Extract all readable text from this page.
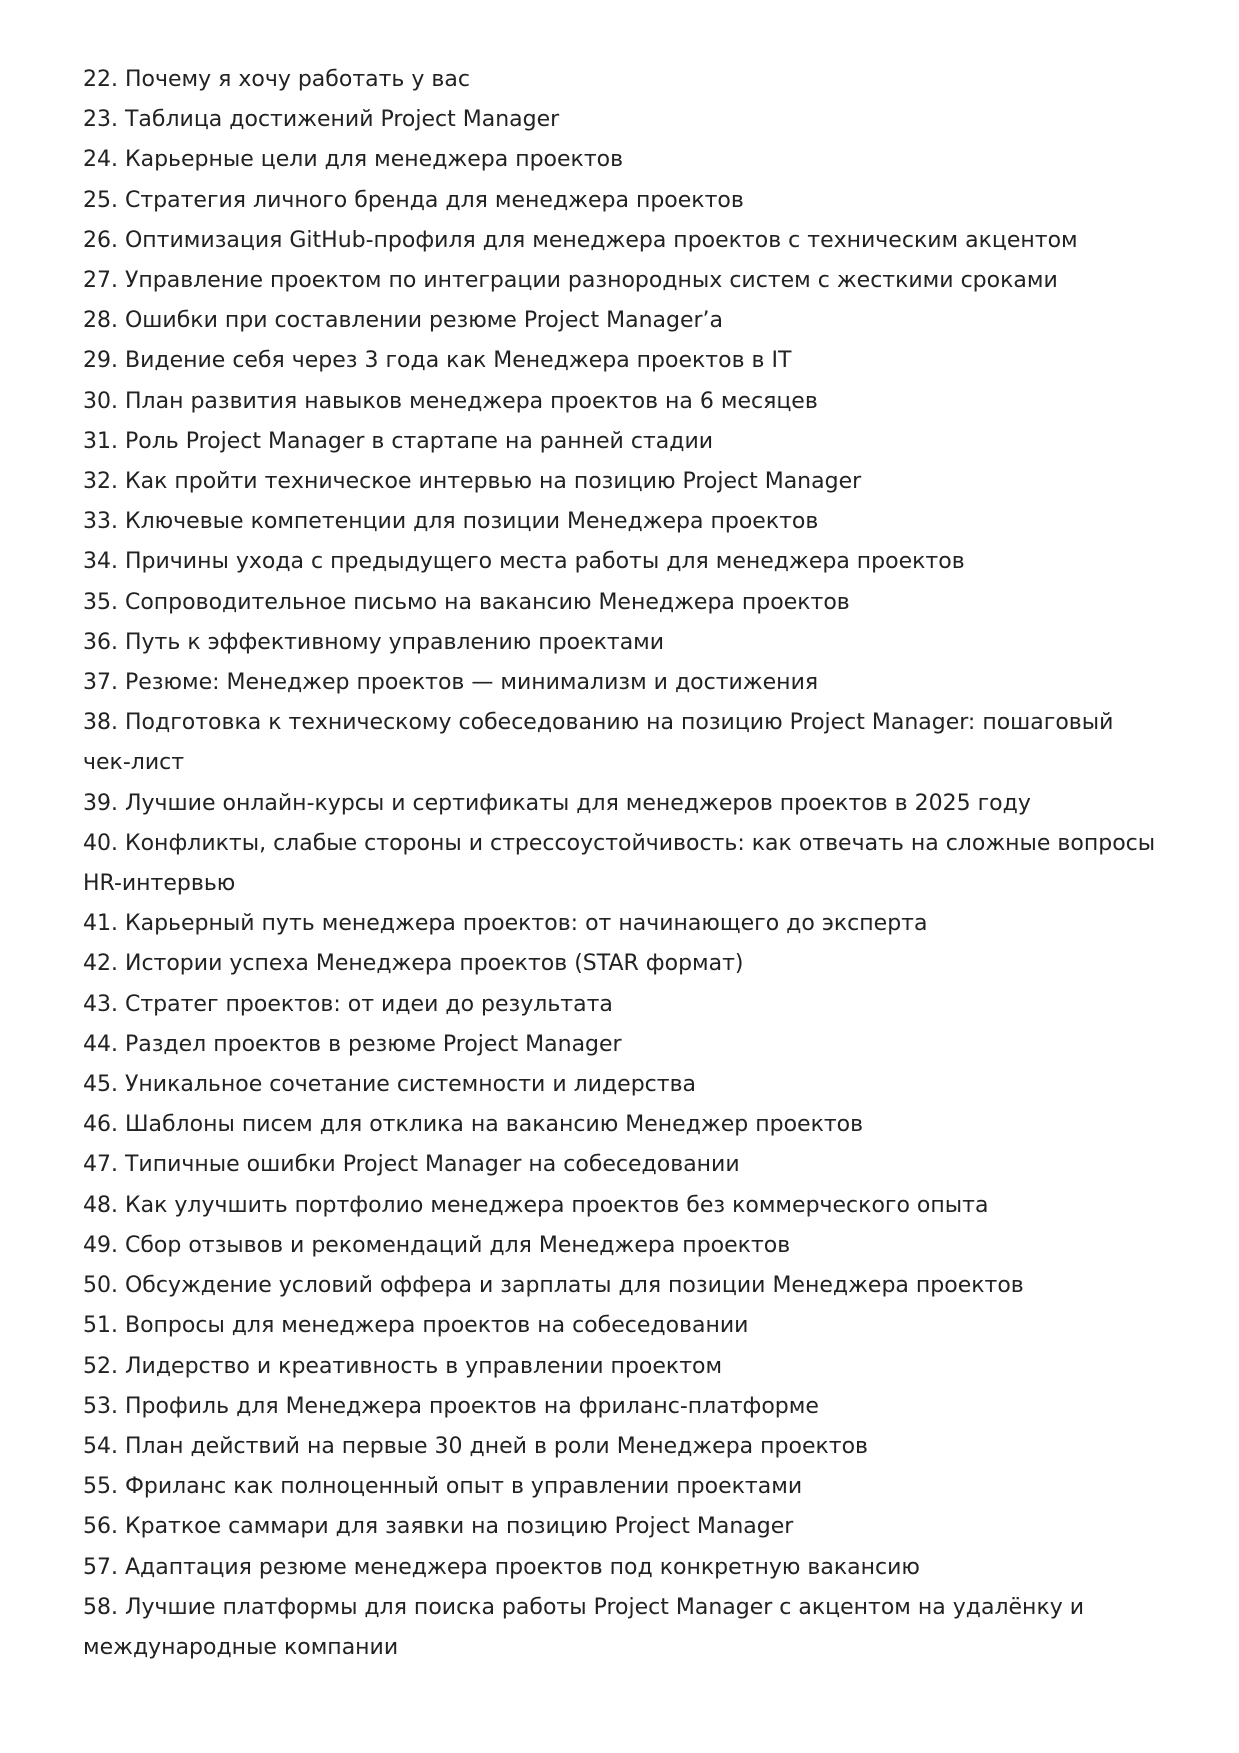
22. Почему я хочу работать у вас
23. Таблица достижений Project Manager
24. Карьерные цели для менеджера проектов
25. Стратегия личного бренда для менеджера проектов
26. Оптимизация GitHub-профиля для менеджера проектов с техническим акцентом
27. Управление проектом по интеграции разнородных систем с жесткими сроками
28. Ошибки при составлении резюме Project Manager’а
29. Видение себя через 3 года как Менеджера проектов в IT
30. План развития навыков менеджера проектов на 6 месяцев
31. Роль Project Manager в стартапе на ранней стадии
32. Как пройти техническое интервью на позицию Project Manager
33. Ключевые компетенции для позиции Менеджера проектов
34. Причины ухода с предыдущего места работы для менеджера проектов
35. Сопроводительное письмо на вакансию Менеджера проектов
36. Путь к эффективному управлению проектами
37. Резюме: Менеджер проектов — минимализм и достижения
38. Подготовка к техническому собеседованию на позицию Project Manager: пошаговый чек-лист
39. Лучшие онлайн-курсы и сертификаты для менеджеров проектов в 2025 году
40. Конфликты, слабые стороны и стрессоустойчивость: как отвечать на сложные вопросы HR-интервью
41. Карьерный путь менеджера проектов: от начинающего до эксперта
42. Истории успеха Менеджера проектов (STAR формат)
43. Стратег проектов: от идеи до результата
44. Раздел проектов в резюме Project Manager
45. Уникальное сочетание системности и лидерства
46. Шаблоны писем для отклика на вакансию Менеджер проектов
47. Типичные ошибки Project Manager на собеседовании
48. Как улучшить портфолио менеджера проектов без коммерческого опыта
49. Сбор отзывов и рекомендаций для Менеджера проектов
50. Обсуждение условий оффера и зарплаты для позиции Менеджера проектов
51. Вопросы для менеджера проектов на собеседовании
52. Лидерство и креативность в управлении проектом
53. Профиль для Менеджера проектов на фриланс-платформе
54. План действий на первые 30 дней в роли Менеджера проектов
55. Фриланс как полноценный опыт в управлении проектами
56. Краткое саммари для заявки на позицию Project Manager
57. Адаптация резюме менеджера проектов под конкретную вакансию
58. Лучшие платформы для поиска работы Project Manager с акцентом на удалёнку и международные компании
